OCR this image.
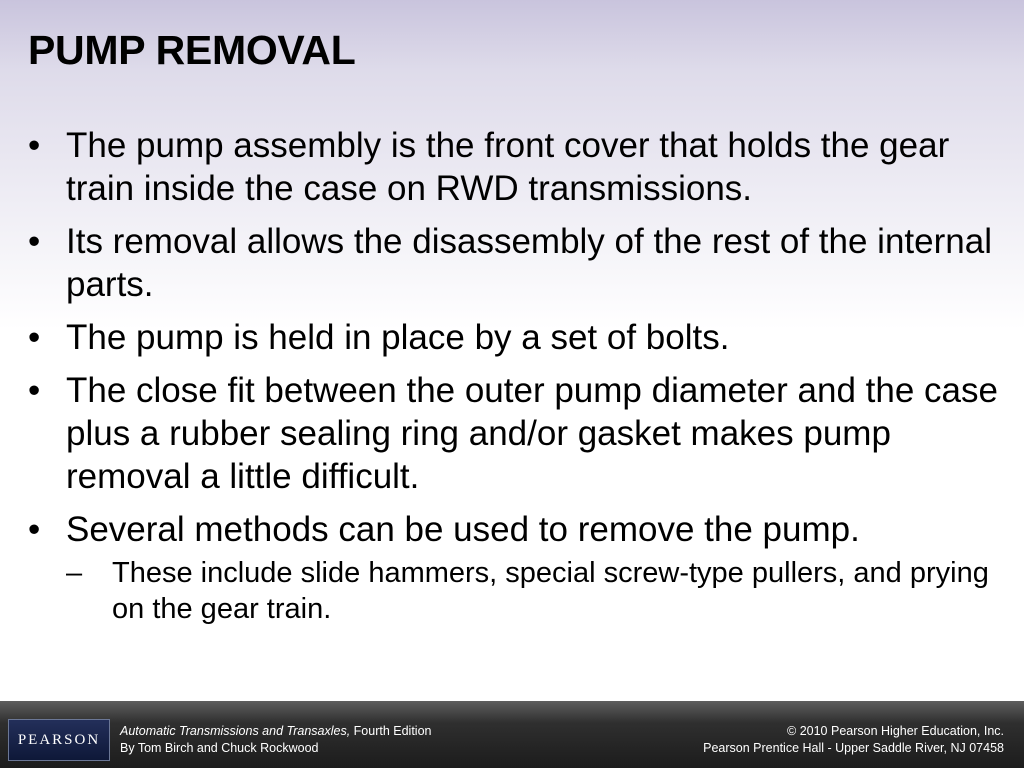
PUMP REMOVAL
• The pump assembly is the front cover that holds the gear train inside the case on RWD transmissions.
• Its removal allows the disassembly of the rest of the internal parts.
• The pump is held in place by a set of bolts.
• The close fit between the outer pump diameter and the case plus a rubber sealing ring and/or gasket makes pump removal a little difficult.
• Several methods can be used to remove the pump.
– These include slide hammers, special screw-type pullers, and prying on the gear train.
PEARSON
Automatic Transmissions and Transaxles, Fourth Edition
By Tom Birch and Chuck Rockwood
© 2010 Pearson Higher Education, Inc.
Pearson Prentice Hall - Upper Saddle River, NJ 07458
